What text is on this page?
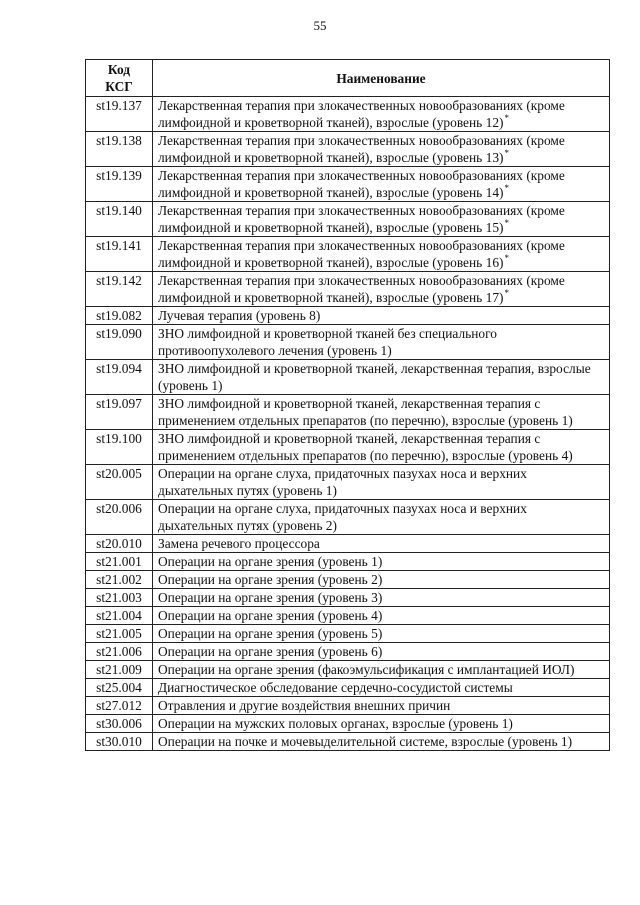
55
Код
КСГ	Наименование
st19.137	Лекарственная терапия при злокачественных новообразованиях (кроме лимфоидной и кроветворной тканей), взрослые (уровень 12)*
st19.138	Лекарственная терапия при злокачественных новообразованиях (кроме лимфоидной и кроветворной тканей), взрослые (уровень 13)*
st19.139	Лекарственная терапия при злокачественных новообразованиях (кроме лимфоидной и кроветворной тканей), взрослые (уровень 14)*
st19.140	Лекарственная терапия при злокачественных новообразованиях (кроме лимфоидной и кроветворной тканей), взрослые (уровень 15)*
st19.141	Лекарственная терапия при злокачественных новообразованиях (кроме лимфоидной и кроветворной тканей), взрослые (уровень 16)*
st19.142	Лекарственная терапия при злокачественных новообразованиях (кроме лимфоидной и кроветворной тканей), взрослые (уровень 17)*
st19.082	Лучевая терапия (уровень 8)
st19.090	ЗНО лимфоидной и кроветворной тканей без специального противоопухолевого лечения (уровень 1)
st19.094	ЗНО лимфоидной и кроветворной тканей, лекарственная терапия, взрослые (уровень 1)
st19.097	ЗНО лимфоидной и кроветворной тканей, лекарственная терапия с применением отдельных препаратов (по перечню), взрослые (уровень 1)
st19.100	ЗНО лимфоидной и кроветворной тканей, лекарственная терапия с применением отдельных препаратов (по перечню), взрослые (уровень 4)
st20.005	Операции на органе слуха, придаточных пазухах носа и верхних дыхательных путях (уровень 1)
st20.006	Операции на органе слуха, придаточных пазухах носа и верхних дыхательных путях (уровень 2)
st20.010	Замена речевого процессора
st21.001	Операции на органе зрения (уровень 1)
st21.002	Операции на органе зрения (уровень 2)
st21.003	Операции на органе зрения (уровень 3)
st21.004	Операции на органе зрения (уровень 4)
st21.005	Операции на органе зрения (уровень 5)
st21.006	Операции на органе зрения (уровень 6)
st21.009	Операции на органе зрения (факоэмульсификация с имплантацией ИОЛ)
st25.004	Диагностическое обследование сердечно-сосудистой системы
st27.012	Отравления и другие воздействия внешних причин
st30.006	Операции на мужских половых органах, взрослые (уровень 1)
st30.010	Операции на почке и мочевыделительной системе, взрослые (уровень 1)
